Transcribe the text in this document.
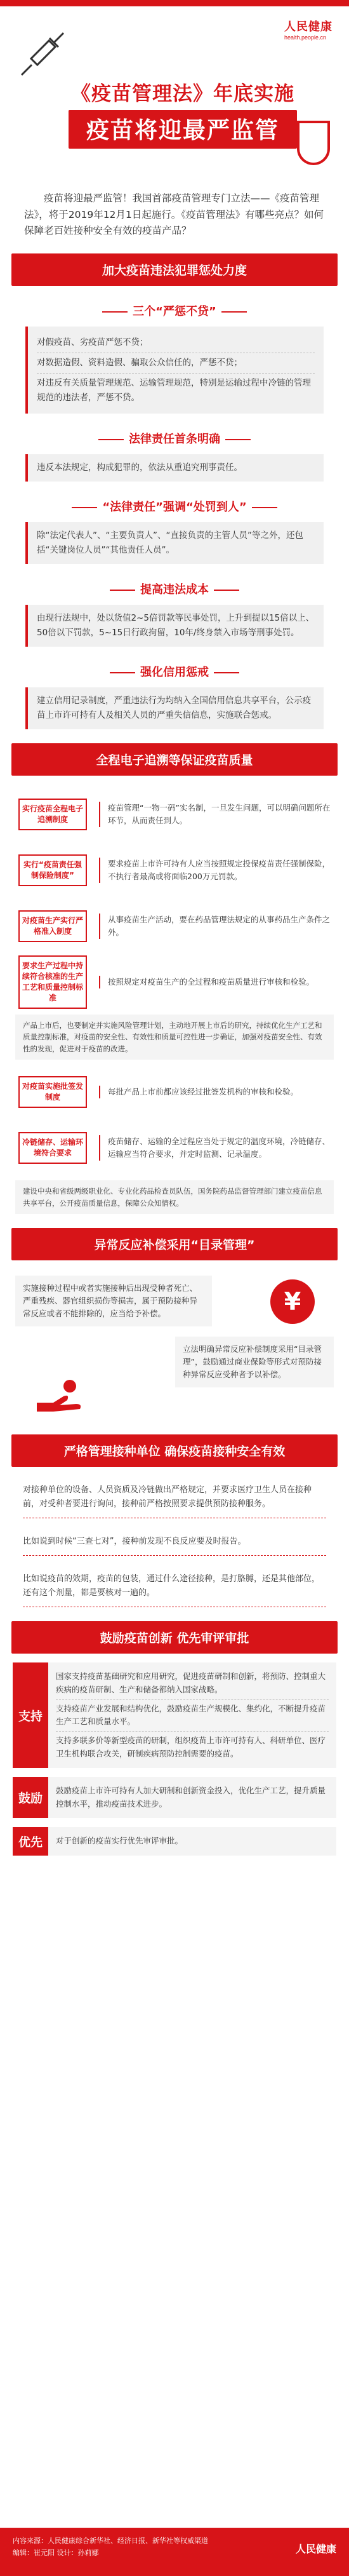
人民健康
health.people.cn
《疫苗管理法》年底实施
疫苗将迎最严监管

疫苗将迎最严监管！我国首部疫苗管理专门立法——《疫苗管理法》，将于2019年12月1日起施行。《疫苗管理法》有哪些亮点？如何保障老百姓接种安全有效的疫苗产品？

加大疫苗违法犯罪惩处力度
三个“严惩不贷”
对假疫苗、劣疫苗严惩不贷；
对数据造假、资料造假、骗取公众信任的，严惩不贷；
对违反有关质量管理规范、运输管理规范，特别是运输过程中冷链的管理规范的违法者，严惩不贷。
法律责任首条明确
违反本法规定，构成犯罪的，依法从重追究刑事责任。
“法律责任”强调“处罚到人”
除“法定代表人”、“主要负责人”、“直接负责的主管人员”等之外，还包括“关键岗位人员”“其他责任人员”。
提高违法成本
由现行法规中，处以货值2~5倍罚款等民事处罚，上升到提以15倍以上、50倍以下罚款，5~15日行政拘留，10年/终身禁入市场等刑事处罚。
强化信用惩戒
建立信用记录制度，严重违法行为均纳入全国信用信息共享平台，公示疫苗上市许可持有人及相关人员的严重失信信息，实施联合惩戒。
全程电子追溯等保证疫苗质量
实行疫苗全程电子追溯制度
疫苗管理“一物一码”实名制，一旦发生问题，可以明确问题所在环节，从而责任到人。
实行“疫苗责任强制保险制度”
要求疫苗上市许可持有人应当按照规定投保疫苗责任强制保险，不执行者最高或将面临200万元罚款。
对疫苗生产实行严格准入制度
从事疫苗生产活动，要在药品管理法规定的从事药品生产条件之外。
要求生产过程中持续符合核准的生产工艺和质量控制标准
按照规定对疫苗生产的全过程和疫苗质量进行审核和检验。
产品上市后，也要制定并实施风险管理计划，主动地开展上市后的研究，持续优化生产工艺和质量控制标准，对疫苗的安全性、有效性和质量可控性进一步确证，加强对疫苗安全性、有效性的发现，促进对于疫苗的改进。
对疫苗实施批签发制度
每批产品上市前都应该经过批签发机构的审核和检验。
冷链储存、运输环境符合要求
疫苗储存、运输的全过程应当处于规定的温度环境，冷链储存、运输应当符合要求，并定时监测、记录温度。
建设中央和省级两级职业化、专业化药品检查员队伍，国务院药品监督管理部门建立疫苗信息共享平台，公开疫苗质量信息，保障公众知情权。
异常反应补偿采用“目录管理”
实施接种过程中或者实施接种后出现受种者死亡、严重残疾、器官组织损伤等损害，属于预防接种异常反应或者不能排除的，应当给予补偿。	¥
立法明确异常反应补偿制度采用“目录管理”，鼓励通过商业保险等形式对预防接种异常反应受种者予以补偿。
严格管理接种单位 确保疫苗接种安全有效
对接种单位的设备、人员资质及冷链做出严格规定，并要求医疗卫生人员在接种前，对受种者要进行询问，接种前严格按照要求提供预防接种服务。
比如说到时候“三查七对”，接种前发现不良反应要及时报告。
比如说疫苗的效期，疫苗的包装，通过什么途径接种，是打胳膊，还是其他部位，还有这个剂量，都是要核对一遍的。
鼓励疫苗创新 优先审评审批
支持
国家支持疫苗基础研究和应用研究，促进疫苗研制和创新，将预防、控制重大疾病的疫苗研制、生产和储备都纳入国家战略。
支持疫苗产业发展和结构优化，鼓励疫苗生产规模化、集约化，不断提升疫苗生产工艺和质量水平。
支持多联多价等新型疫苗的研制，组织疫苗上市许可持有人、科研单位、医疗卫生机构联合攻关，研制疾病预防控制需要的疫苗。
鼓励
鼓励疫苗上市许可持有人加大研制和创新资金投入，优化生产工艺，提升质量控制水平，推动疫苗技术进步。
优先	对于创新的疫苗实行优先审评审批。
内容来源：人民健康综合新华社、经济日报、新华社等权威渠道
编辑：崔元阳 设计：孙莉娜	人民健康
